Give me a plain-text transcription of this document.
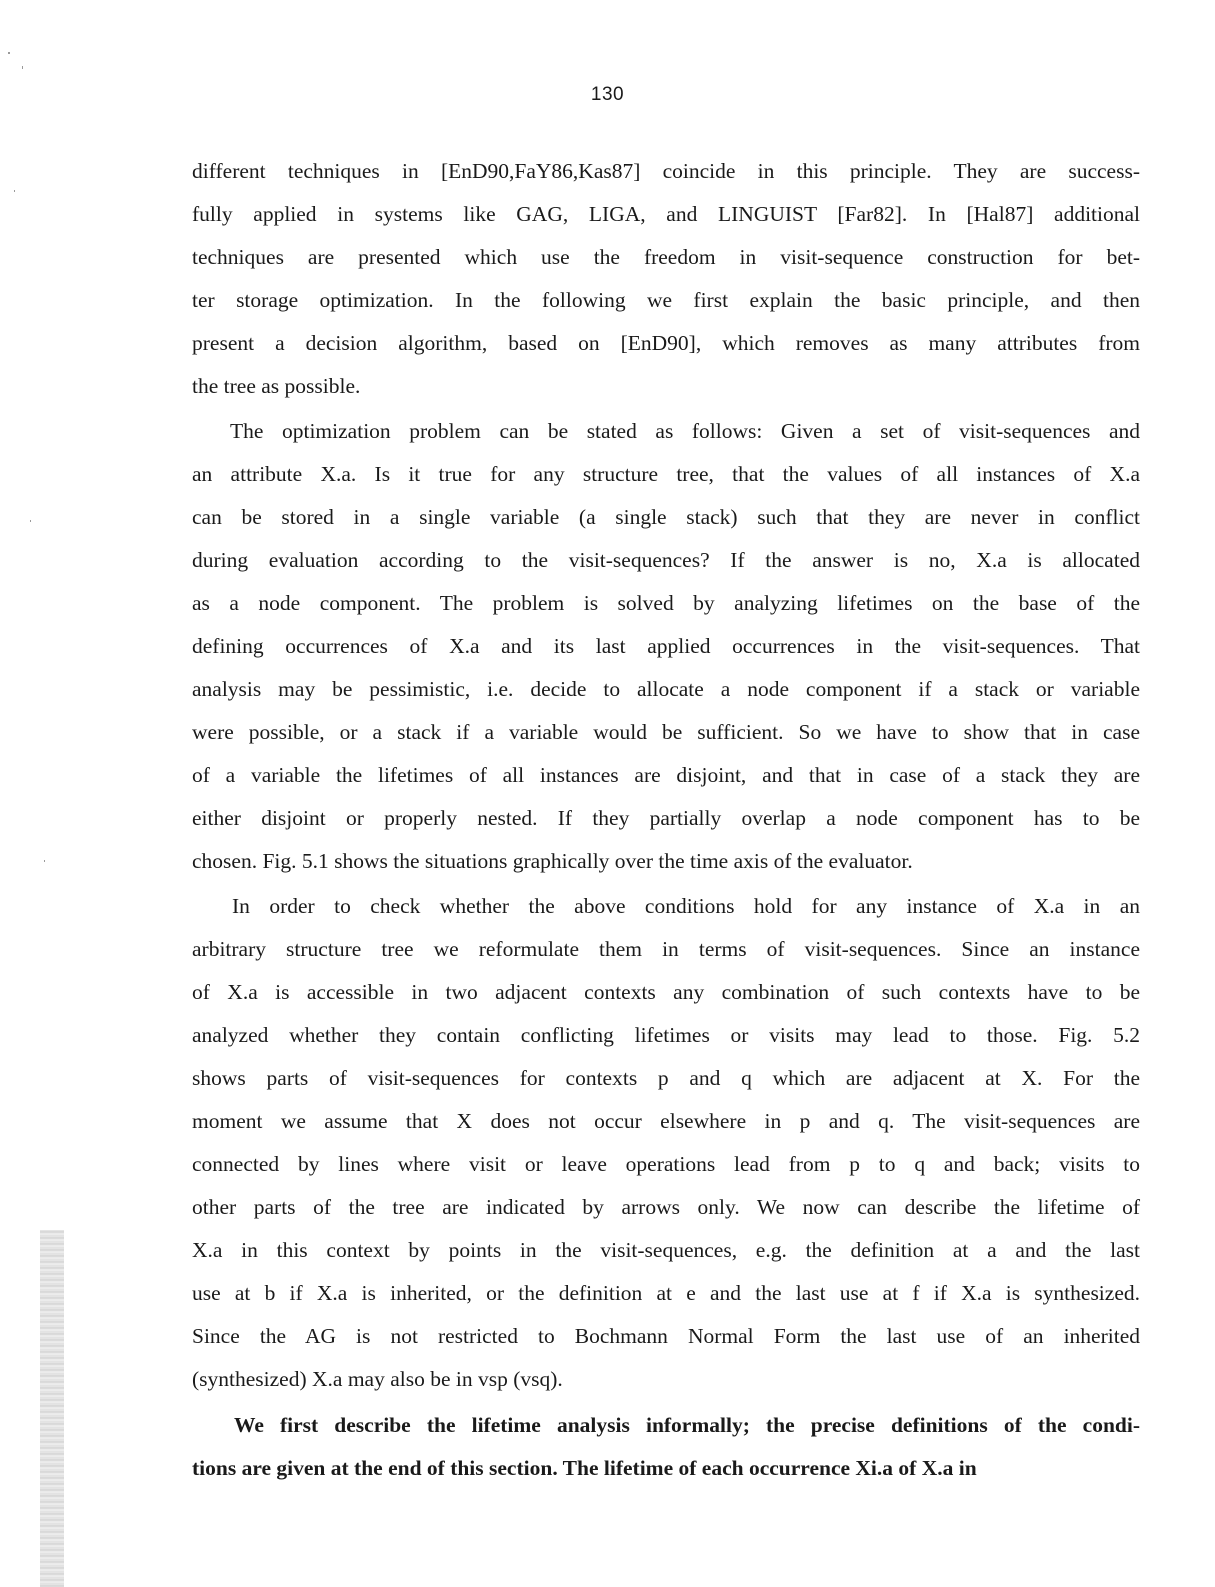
130
different techniques in [EnD90,FaY86,Kas87] coincide in this principle. They are success-
fully applied in systems like GAG, LIGA, and LINGUIST [Far82]. In [Hal87] additional
techniques are presented which use the freedom in visit-sequence construction for bet-
ter storage optimization. In the following we first explain the basic principle, and then
present a decision algorithm, based on [EnD90], which removes as many attributes from
the tree as possible.
The optimization problem can be stated as follows: Given a set of visit-sequences and
an attribute X.a. Is it true for any structure tree, that the values of all instances of X.a
can be stored in a single variable (a single stack) such that they are never in conflict
during evaluation according to the visit-sequences? If the answer is no, X.a is allocated
as a node component. The problem is solved by analyzing lifetimes on the base of the
defining occurrences of X.a and its last applied occurrences in the visit-sequences. That
analysis may be pessimistic, i.e. decide to allocate a node component if a stack or variable
were possible, or a stack if a variable would be sufficient. So we have to show that in case
of a variable the lifetimes of all instances are disjoint, and that in case of a stack they are
either disjoint or properly nested. If they partially overlap a node component has to be
chosen. Fig. 5.1 shows the situations graphically over the time axis of the evaluator.
In order to check whether the above conditions hold for any instance of X.a in an
arbitrary structure tree we reformulate them in terms of visit-sequences. Since an instance
of X.a is accessible in two adjacent contexts any combination of such contexts have to be
analyzed whether they contain conflicting lifetimes or visits may lead to those. Fig. 5.2
shows parts of visit-sequences for contexts p and q which are adjacent at X. For the
moment we assume that X does not occur elsewhere in p and q. The visit-sequences are
connected by lines where visit or leave operations lead from p to q and back; visits to
other parts of the tree are indicated by arrows only. We now can describe the lifetime of
X.a in this context by points in the visit-sequences, e.g. the definition at a and the last
use at b if X.a is inherited, or the definition at e and the last use at f if X.a is synthesized.
Since the AG is not restricted to Bochmann Normal Form the last use of an inherited
(synthesized) X.a may also be in vsp (vsq).
We first describe the lifetime analysis informally; the precise definitions of the condi-
tions are given at the end of this section. The lifetime of each occurrence Xi.a of X.a in
